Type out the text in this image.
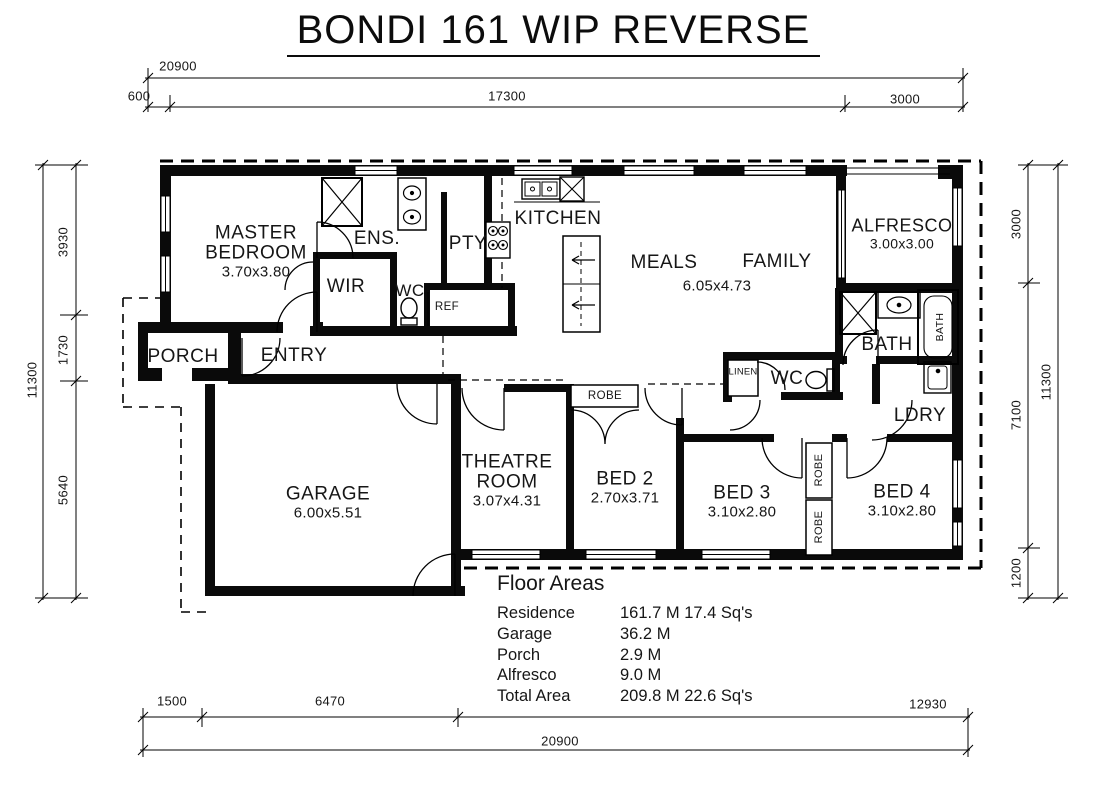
BONDI 161 WIP REVERSE
20900
600	17300	3000
11300
3930
1730
5640
3000
7100
1200
11300
1500	6470	12930
20900
MASTER
BEDROOM
3.70x3.80
ENS.
WIR WC
PTY
KITCHEN
MEALS FAMILY
6.05x4.73
ALFRESCO
3.00x3.00
BATH
LINEN WC
LDRY
PORCH ENTRY
GARAGE
6.00x5.51
THEATRE
ROOM
3.07x4.31
BED 2
2.70x3.71	BED 3
3.10x2.80
BED 4
3.10x2.80
ROBE
ROBE
ROBE
REF
BATH
Floor Areas
Residence	161.7 M 17.4 Sq's
Garage	36.2 M
Porch	2.9 M
Alfresco	9.0 M
Total Area	209.8 M 22.6 Sq's
